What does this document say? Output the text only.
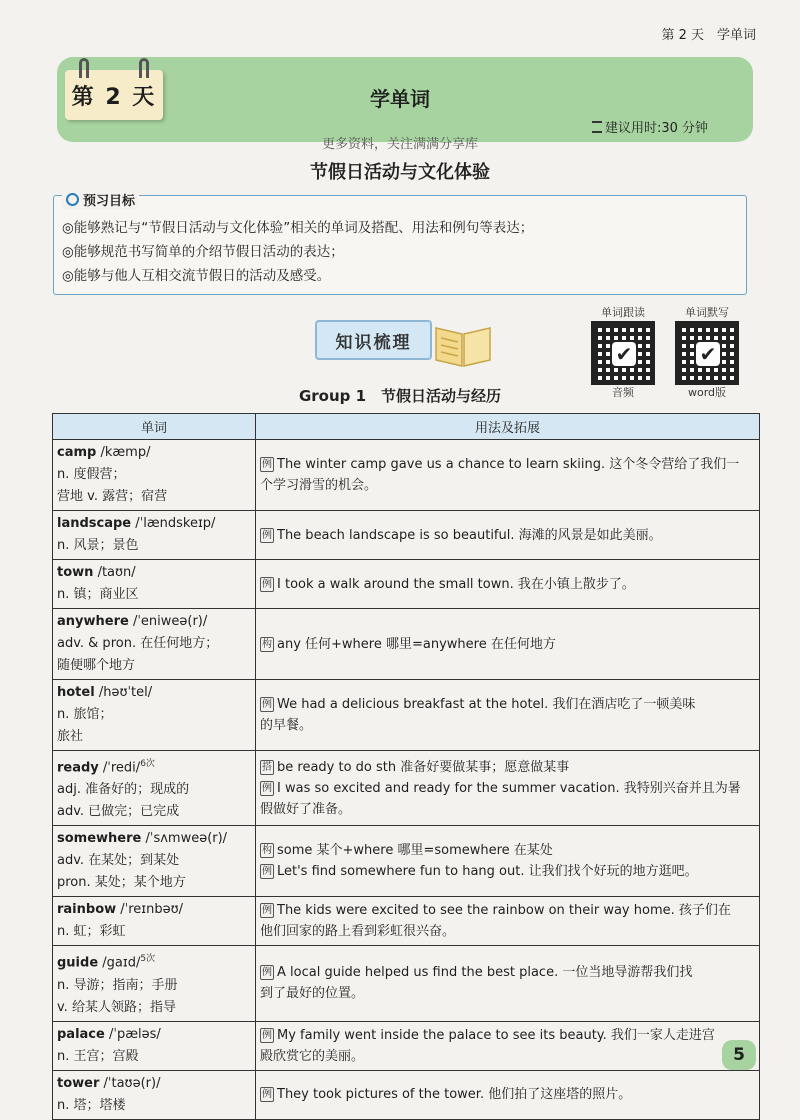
第 2 天　学单词
第 2 天	学单词
建议用时:30 分钟
更多资料，关注满满分享库
节假日活动与文化体验
预习目标
◎能够熟记与“节假日活动与文化体验”相关的单词及搭配、用法和例句等表达；
◎能够规范书写简单的介绍节假日活动的表达；
◎能够与他人互相交流节假日的活动及感受。
知识梳理
单词跟读
✔
音频
单词默写
✔
word版
Group 1　节假日活动与经历
单词	用法及拓展

camp /kæmp/
n. 度假营；
营地 v. 露营；宿营	例 The winter camp gave us a chance to learn skiing. 这个冬令营给了我们一
个学习滑雪的机会。

landscape /ˈlændskeɪp/
n. 风景；景色	例 The beach landscape is so beautiful. 海滩的风景是如此美丽。

town /taʊn/
n. 镇；商业区	例 I took a walk around the small town. 我在小镇上散步了。

anywhere /ˈeniweə(r)/
adv. & pron. 在任何地方；
随便哪个地方	构 any 任何+where 哪里=anywhere 在任何地方

hotel /həʊˈtel/
n. 旅馆；
旅社	例 We had a delicious breakfast at the hotel. 我们在酒店吃了一顿美味
的早餐。

ready /ˈredi/$^{6次}$
adj. 准备好的；现成的
adv. 已做完；已完成	搭 be ready to do sth 准备好要做某事；愿意做某事
例 I was so excited and ready for the summer vacation. 我特别兴奋并且为暑假做好了准备。

somewhere /ˈsʌmweə(r)/
adv. 在某处；到某处
pron. 某处；某个地方	构 some 某个+where 哪里=somewhere 在某处
例 Let's find somewhere fun to hang out. 让我们找个好玩的地方逛吧。

rainbow /ˈreɪnbəʊ/
n. 虹；彩虹	例 The kids were excited to see the rainbow on their way home. 孩子们在
他们回家的路上看到彩虹很兴奋。

guide /gaɪd/$^{5次}$
n. 导游；指南；手册
v. 给某人领路；指导	例 A local guide helped us find the best place. 一位当地导游帮我们找
到了最好的位置。

palace /ˈpæləs/
n. 王宫；宫殿	例 My family went inside the palace to see its beauty. 我们一家人走进宫
殿欣赏它的美丽。

tower /ˈtaʊə(r)/
n. 塔；塔楼	例 They took pictures of the tower. 他们拍了这座塔的照片。
5
